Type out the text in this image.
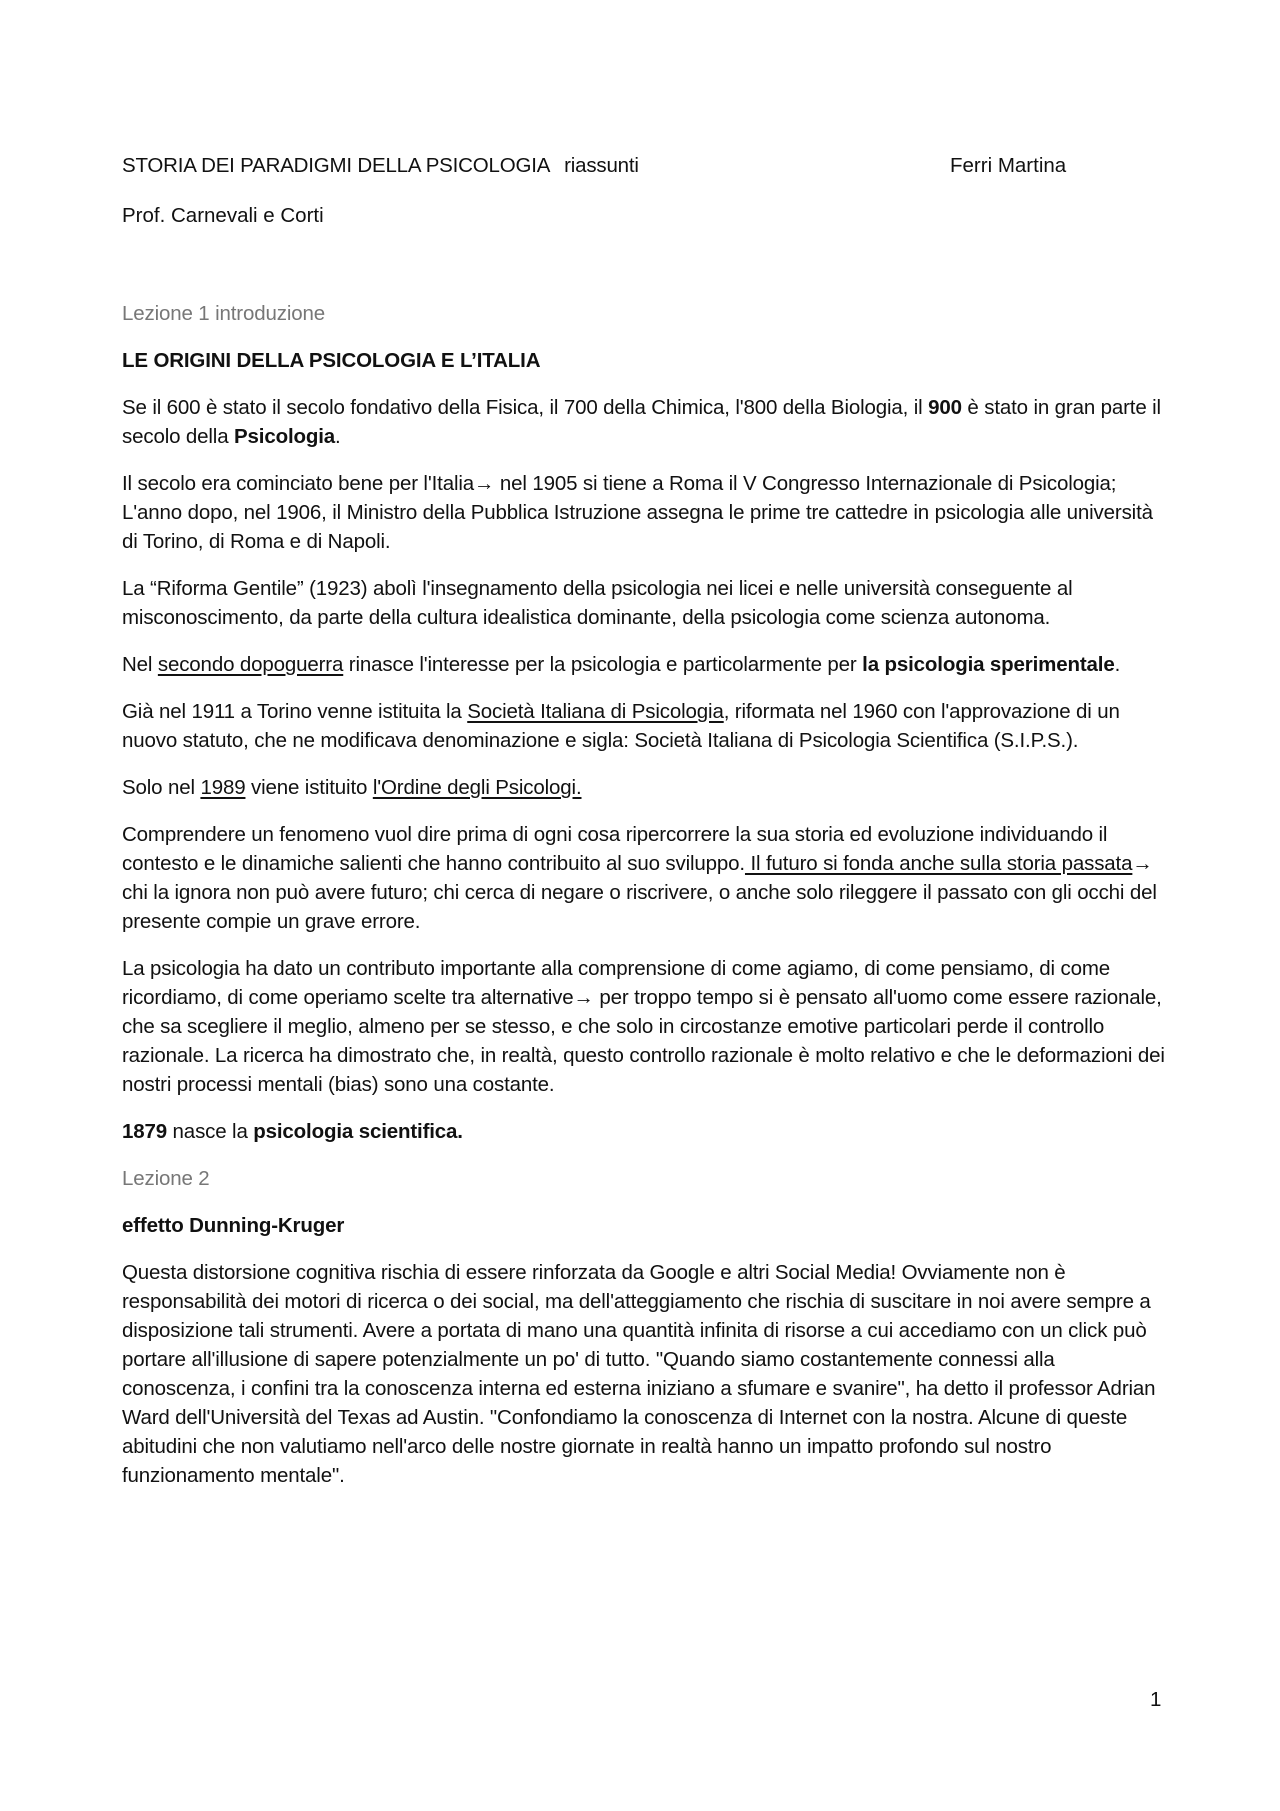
STORIA DEI PARADIGMI DELLA PSICOLOGIA riassunti	Ferri Martina
Prof. Carnevali e Corti

Lezione 1 introduzione

LE ORIGINI DELLA PSICOLOGIA E L’ITALIA

Se il 600 è stato il secolo fondativo della Fisica, il 700 della Chimica, l'800 della Biologia, il 900 è stato in gran parte il secolo della Psicologia.

Il secolo era cominciato bene per l'Italia→ nel 1905 si tiene a Roma il V Congresso Internazionale di Psicologia; L'anno dopo, nel 1906, il Ministro della Pubblica Istruzione assegna le prime tre cattedre in psicologia alle università di Torino, di Roma e di Napoli.

La “Riforma Gentile” (1923) abolì l'insegnamento della psicologia nei licei e nelle università conseguente al misconoscimento, da parte della cultura idealistica dominante, della psicologia come scienza autonoma.

Nel secondo dopoguerra rinasce l'interesse per la psicologia e particolarmente per la psicologia sperimentale.

Già nel 1911 a Torino venne istituita la Società Italiana di Psicologia, riformata nel 1960 con l'approvazione di un nuovo statuto, che ne modificava denominazione e sigla: Società Italiana di Psicologia Scientifica (S.I.P.S.).

Solo nel 1989 viene istituito l'Ordine degli Psicologi.

Comprendere un fenomeno vuol dire prima di ogni cosa ripercorrere la sua storia ed evoluzione individuando il contesto e le dinamiche salienti che hanno contribuito al suo sviluppo. Il futuro si fonda anche sulla storia passata→ chi la ignora non può avere futuro; chi cerca di negare o riscrivere, o anche solo rileggere il passato con gli occhi del presente compie un grave errore.

La psicologia ha dato un contributo importante alla comprensione di come agiamo, di come pensiamo, di come ricordiamo, di come operiamo scelte tra alternative→ per troppo tempo si è pensato all'uomo come essere razionale, che sa scegliere il meglio, almeno per se stesso, e che solo in circostanze emotive particolari perde il controllo razionale. La ricerca ha dimostrato che, in realtà, questo controllo razionale è molto relativo e che le deformazioni dei nostri processi mentali (bias) sono una costante.

1879 nasce la psicologia scientifica.

Lezione 2

effetto Dunning-Kruger

Questa distorsione cognitiva rischia di essere rinforzata da Google e altri Social Media! Ovviamente non è responsabilità dei motori di ricerca o dei social, ma dell'atteggiamento che rischia di suscitare in noi avere sempre a disposizione tali strumenti. Avere a portata di mano una quantità infinita di risorse a cui accediamo con un click può portare all'illusione di sapere potenzialmente un po' di tutto. "Quando siamo costantemente connessi alla conoscenza, i confini tra la conoscenza interna ed esterna iniziano a sfumare e svanire", ha detto il professor Adrian Ward dell'Università del Texas ad Austin. "Confondiamo la conoscenza di Internet con la nostra. Alcune di queste abitudini che non valutiamo nell'arco delle nostre giornate in realtà hanno un impatto profondo sul nostro funzionamento mentale".

1
